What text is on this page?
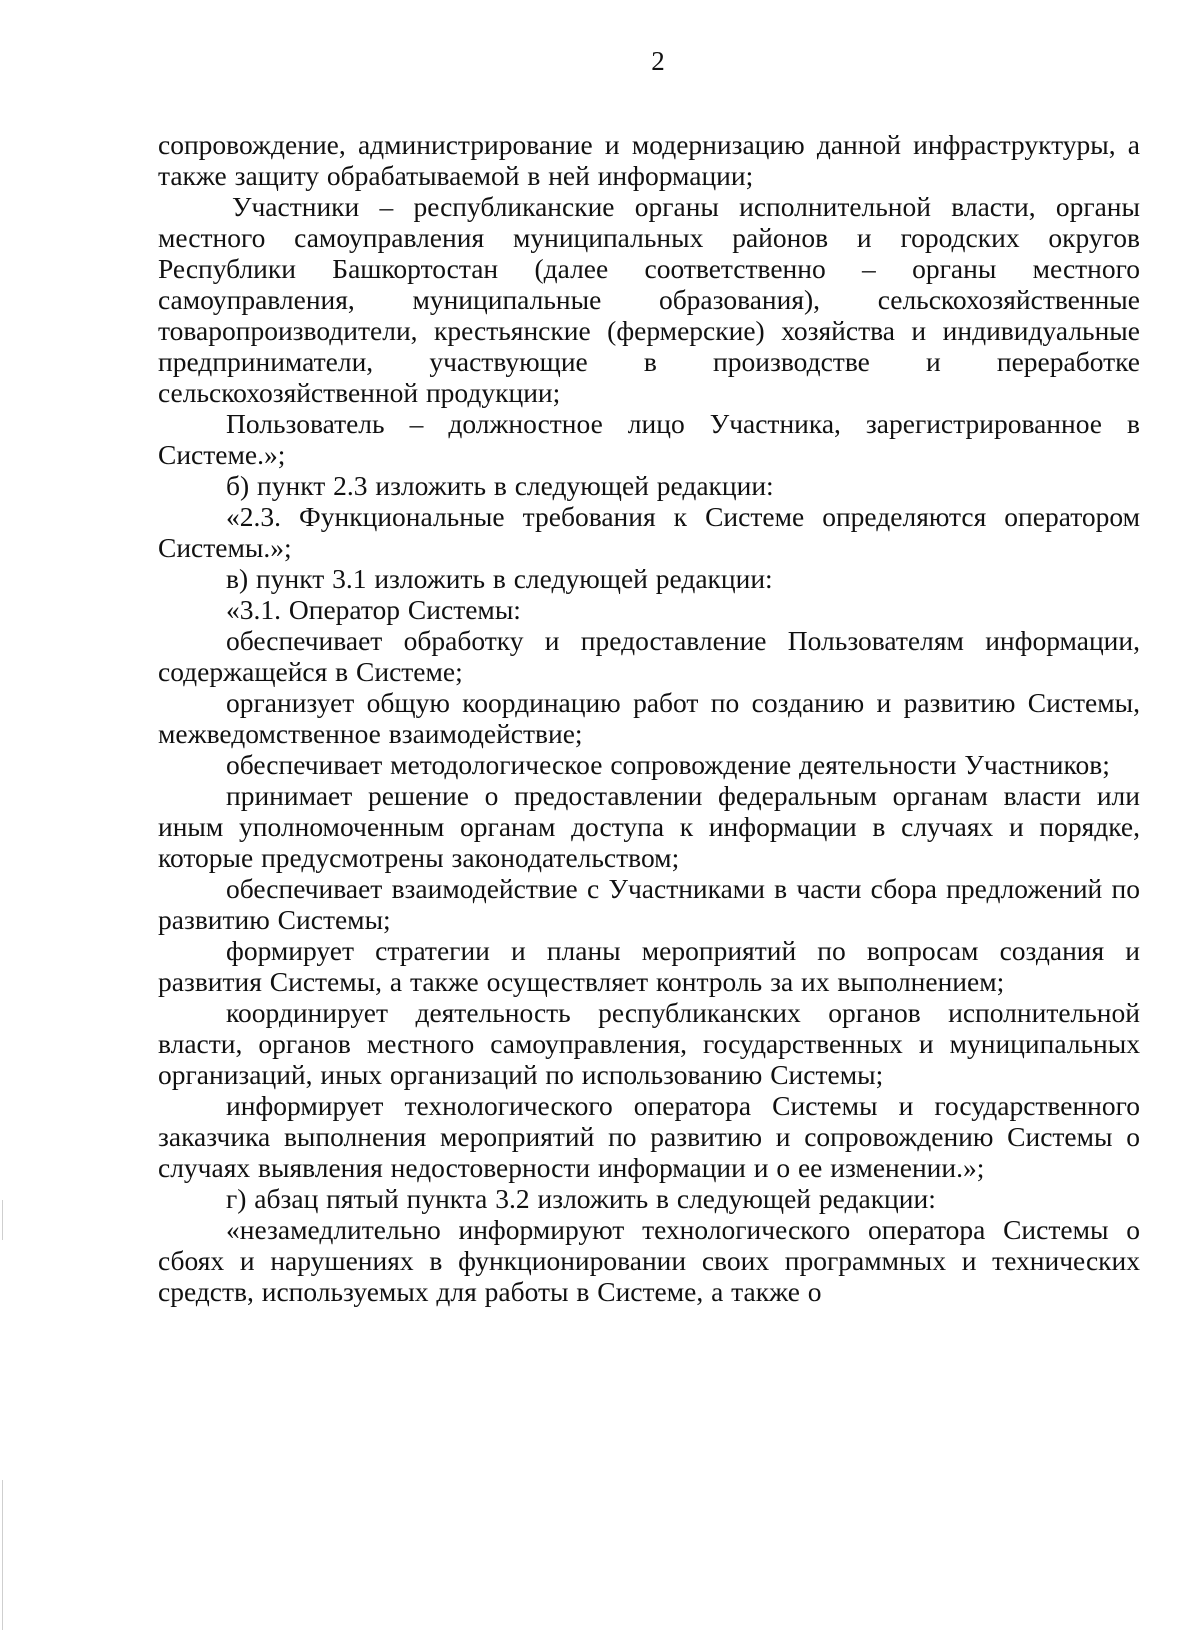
2

сопровождение, администрирование и модернизацию данной инфраструктуры, а также защиту обрабатываемой в ней информации;

Участники – республиканские органы исполнительной власти, органы местного самоуправления муниципальных районов и городских округов Республики Башкортостан (далее соответственно – органы местного самоуправления, муниципальные образования), сельскохозяйственные товаропроизводители, крестьянские (фермерские) хозяйства и индивидуальные предприниматели, участвующие в производстве и переработке сельскохозяйственной продукции;

Пользователь – должностное лицо Участника, зарегистрированное в Системе.»;

б) пункт 2.3 изложить в следующей редакции:

«2.3. Функциональные требования к Системе определяются оператором Системы.»;

в) пункт 3.1 изложить в следующей редакции:

«3.1. Оператор Системы:

обеспечивает обработку и предоставление Пользователям информации, содержащейся в Системе;

организует общую координацию работ по созданию и развитию Системы, межведомственное взаимодействие;

обеспечивает методологическое сопровождение деятельности Участников;

принимает решение о предоставлении федеральным органам власти или иным уполномоченным органам доступа к информации в случаях и порядке, которые предусмотрены законодательством;

обеспечивает взаимодействие с Участниками в части сбора предложений по развитию Системы;

формирует стратегии и планы мероприятий по вопросам создания и развития Системы, а также осуществляет контроль за их выполнением;

координирует деятельность республиканских органов исполнительной власти, органов местного самоуправления, государственных и муниципальных организаций, иных организаций по использованию Системы;

информирует технологического оператора Системы и государственного заказчика выполнения мероприятий по развитию и сопровождению Системы о случаях выявления недостоверности информации и о ее изменении.»;

г) абзац пятый пункта 3.2 изложить в следующей редакции:

«незамедлительно информируют технологического оператора Системы о сбоях и нарушениях в функционировании своих программных и технических средств, используемых для работы в Системе, а также о
